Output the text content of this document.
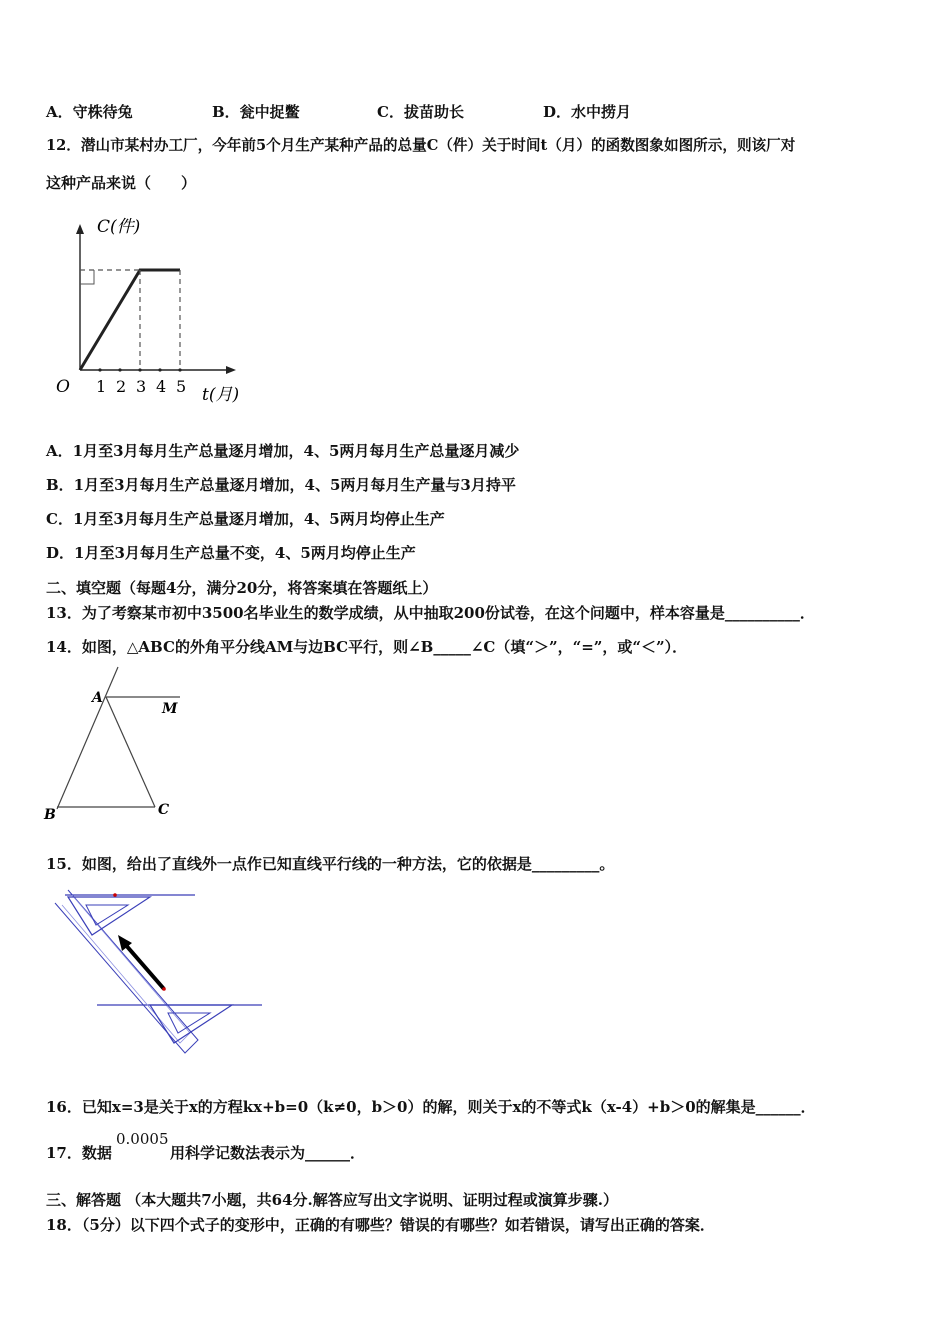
A．守株待兔	B．瓮中捉鳖	C．拔苗助长	D．水中捞月
12．潜山市某村办工厂，今年前5个月生产某种产品的总量C（件）关于时间t（月）的函数图象如图所示，则该厂对
这种产品来说（　　）
1 2 3 4 5
C(件)
t(月)
O
A．1月至3月每月生产总量逐月增加，4、5两月每月生产总量逐月减少
B．1月至3月每月生产总量逐月增加，4、5两月每月生产量与3月持平
C．1月至3月每月生产总量逐月增加，4、5两月均停止生产
D．1月至3月每月生产总量不变，4、5两月均停止生产
二、填空题（每题4分，满分20分，将答案填在答题纸上）
13．为了考察某市初中3500名毕业生的数学成绩，从中抽取200份试卷，在这个问题中，样本容量是__________．
14．如图，△ABC的外角平分线AM与边BC平行，则∠B_____∠C（填“＞”，“=”，或“＜”）．
A
M
B	C
15．如图，给出了直线外一点作已知直线平行线的一种方法，它的依据是_________。
16．已知x=3是关于x的方程kx+b=0（k≠0，b＞0）的解，则关于x的不等式k（x-4）+b＞0的解集是______．
17．数据
0.0005
用科学记数法表示为______．
三、解答题 （本大题共7小题，共64分.解答应写出文字说明、证明过程或演算步骤.）
18．（5分）以下四个式子的变形中，正确的有哪些？错误的有哪些？如若错误，请写出正确的答案．
